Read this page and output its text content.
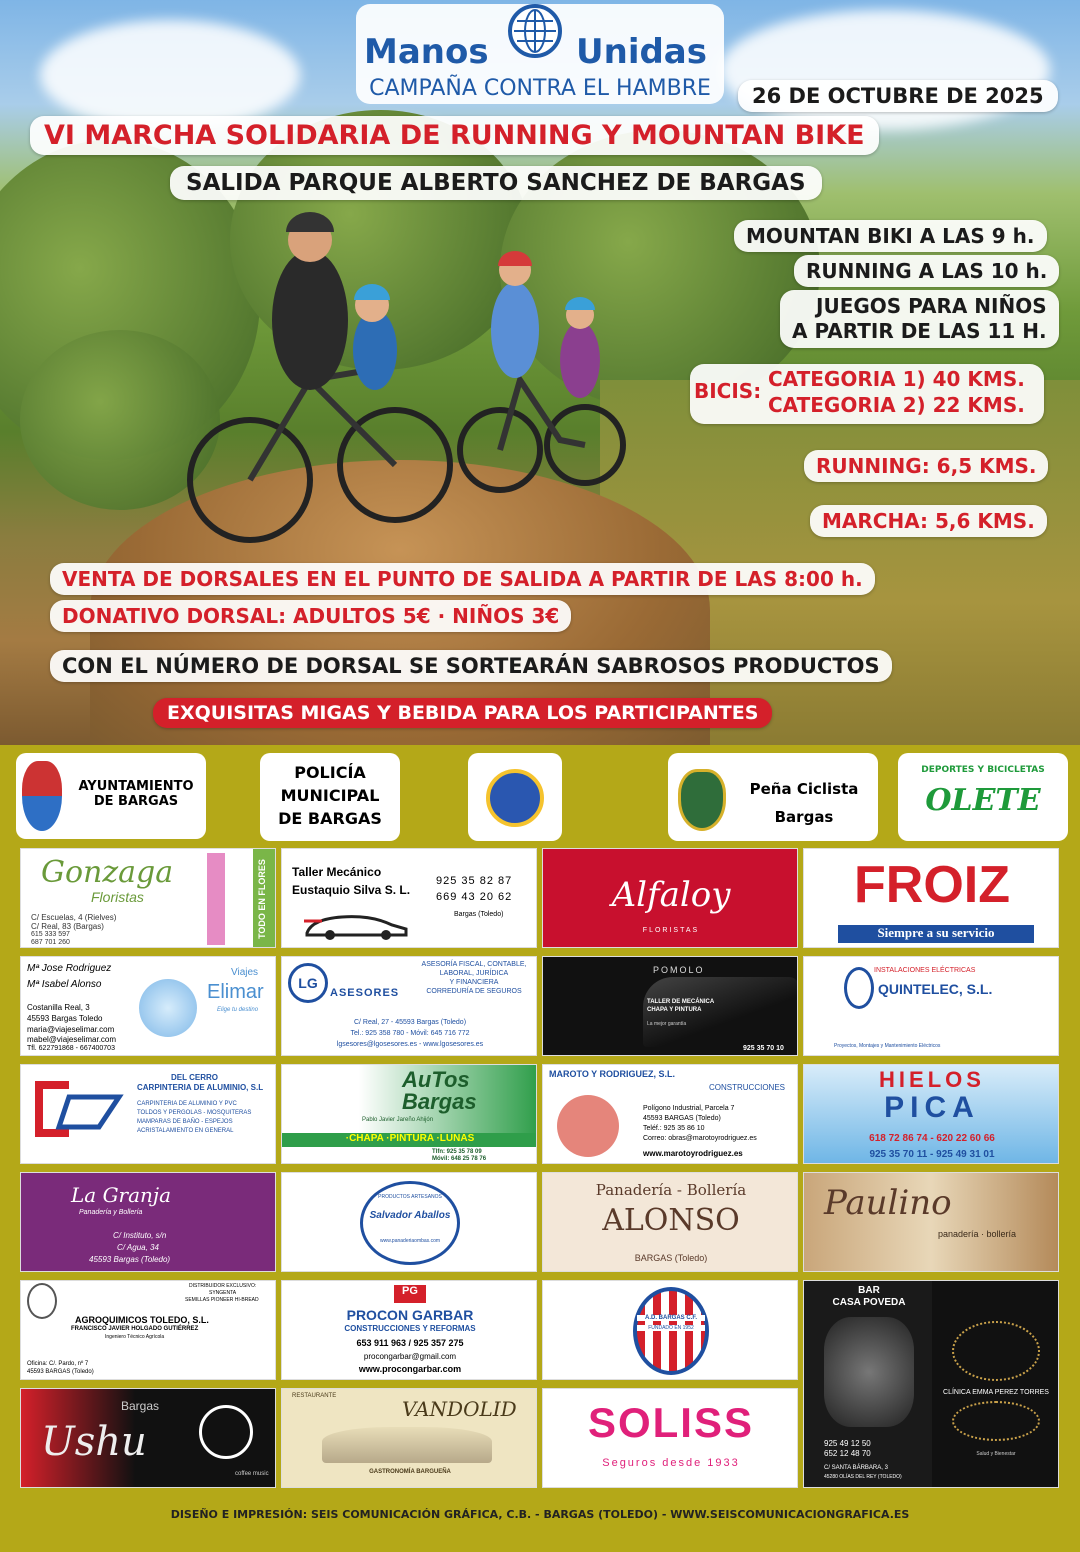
Manos	Unidas
CAMPAÑA CONTRA EL HAMBRE	26 DE OCTUBRE DE 2025
VI MARCHA SOLIDARIA DE RUNNING Y MOUNTAN BIKE
SALIDA PARQUE ALBERTO SANCHEZ DE BARGAS
MOUNTAN BIKI A LAS 9 h.
RUNNING A LAS 10 h.
JUEGOS PARA NIÑOS
A PARTIR DE LAS 11 H.
BICIS: CATEGORIA 1) 40 KMS.
CATEGORIA 2) 22 KMS.
RUNNING: 6,5 KMS.
MARCHA: 5,6 KMS.
VENTA DE DORSALES EN EL PUNTO DE SALIDA A PARTIR DE LAS 8:00 h.
DONATIVO DORSAL: ADULTOS 5€ · NIÑOS 3€
CON EL NÚMERO DE DORSAL SE SORTEARÁN SABROSOS PRODUCTOS
EXQUISITAS MIGAS Y BEBIDA PARA LOS PARTICIPANTES
AYUNTAMIENTO
DE BARGAS
POLICÍA
MUNICIPAL
DE BARGAS
Peña Ciclista
Bargas
DEPORTES Y BICICLETAS
OLETE
Gonzaga
Floristas
C/ Escuelas, 4 (Rielves)
C/ Real, 83 (Bargas)
615 333 597
687 701 260
TODO EN FLORES Taller Mecánico
Eustaquio Silva S. L.
925 35 82 87
669 43 20 62
Bargas (Toledo)	Alfaloy
FLORISTAS
FROIZ
Siempre a su servicio
Mª Jose Rodriguez
Mª Isabel Alonso
Costanilla Real, 3
45593 Bargas Toledo
maria@viajeselimar.com
mabel@viajeselimar.com
Tfl. 622791868 - 667400703
Viajes
Elimar
Elige tu destino
LG
ASESORES
ASESORÍA FISCAL, CONTABLE,
LABORAL, JURÍDICA
Y FINANCIERA
CORREDURÍA DE SEGUROS
C/ Real, 27 - 45593 Bargas (Toledo)
Tel.: 925 358 780 - Móvil: 645 716 772
lgsesores@lgosesores.es - www.lgosesores.es
POMOLO
TALLER DE MECÁNICA
CHAPA Y PINTURA
La mejor garantía
925 35 70 10
INSTALACIONES ELÉCTRICAS
QUINTELEC, S.L.
Proyectos, Montajes y Mantenimiento Eléctricos
DEL CERRO
CARPINTERIA DE ALUMINIO, S.L
CARPINTERIA DE ALUMINIO Y PVC
TOLDOS Y PERGOLAS - MOSQUITERAS
MAMPARAS DE BAÑO - ESPEJOS
ACRISTALAMIENTO EN GENERAL
AuTos
Bargas
Pablo Javier Jareño Ahijón
·CHAPA ·PINTURA ·LUNAS
Tlfn: 925 35 78 09
Móvil: 648 25 78 76
MAROTO Y RODRIGUEZ, S.L.
CONSTRUCCIONES
Polígono Industrial, Parcela 7
45593 BARGAS (Toledo)
Teléf.: 925 35 86 10
Correo: obras@marotoyrodriguez.es
www.marotoyrodriguez.es
HIELOS
PICA
618 72 86 74 - 620 22 60 66
925 35 70 11 - 925 49 31 01
La Granja
Panadería y Bollería
C/ Instituto, s/n
C/ Agua, 34
45593 Bargas (Toledo)
PRODUCTOS ARTESANOS
Salvador Aballos
www.panaderiaombas.com
Panadería - Bollería
ALONSO
BARGAS (Toledo)
Paulino
panadería · bollería
DISTRIBUIDOR EXCLUSIVO:
SYNGENTA
SEMILLAS PIONEER HI-BREAD
AGROQUIMICOS TOLEDO, S.L.
FRANCISCO JAVIER HOLGADO GUTIÉRREZ
Ingeniero Técnico Agrícola
Oficina: C/. Pardo, nº 7
45593 BARGAS (Toledo)
PG
PROCON GARBAR
CONSTRUCCIONES Y REFORMAS
653 911 963 / 925 357 275
procongarbar@gmail.com
www.procongarbar.com
A.D. BARGAS C.F.
FUNDADO EN 1952
BAR
CASA POVEDA
925 49 12 50
652 12 48 70
C/ SANTA BÁRBARA, 3
45280 OLÍAS DEL REY (TOLEDO)
CLÍNICA EMMA PEREZ TORRES
Salud y Bienestar
Bargas
Ushu
coffee music
RESTAURANTE
VANDOLID
GASTRONOMÍA BARGUEÑA
SOLISS
Seguros desde 1933
DISEÑO E IMPRESIÓN: SEIS COMUNICACIÓN GRÁFICA, C.B. - BARGAS (TOLEDO) - WWW.SEISCOMUNICACIONGRAFICA.ES
